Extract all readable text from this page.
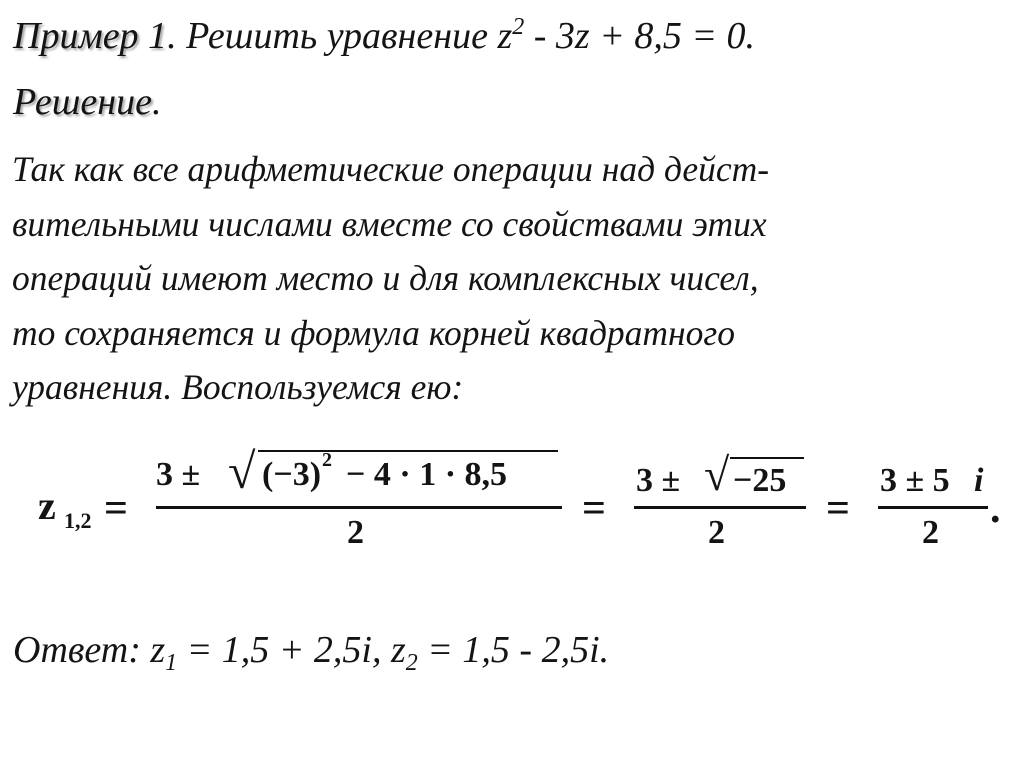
Пример 1. Решить уравнение $z^2 - 3z + 8,5 = 0$.
Решение.
Так как все арифметические операции над дейст-
вительными числами вместе со свойствами этих
операций имеют место и для комплексных чисел,
то сохраняется и формула корней квадратного
уравнения. Воспользуемся ею:
z 1,2 =
3 ± √ (−3) 2 − 4 · 1 · 8,5
2
=
3 ± √ −25
2
=
3 ± 5 i
2
.
Ответ: $z_1 = 1,5 + 2,5i$, $z_2 = 1,5 - 2,5i$.
